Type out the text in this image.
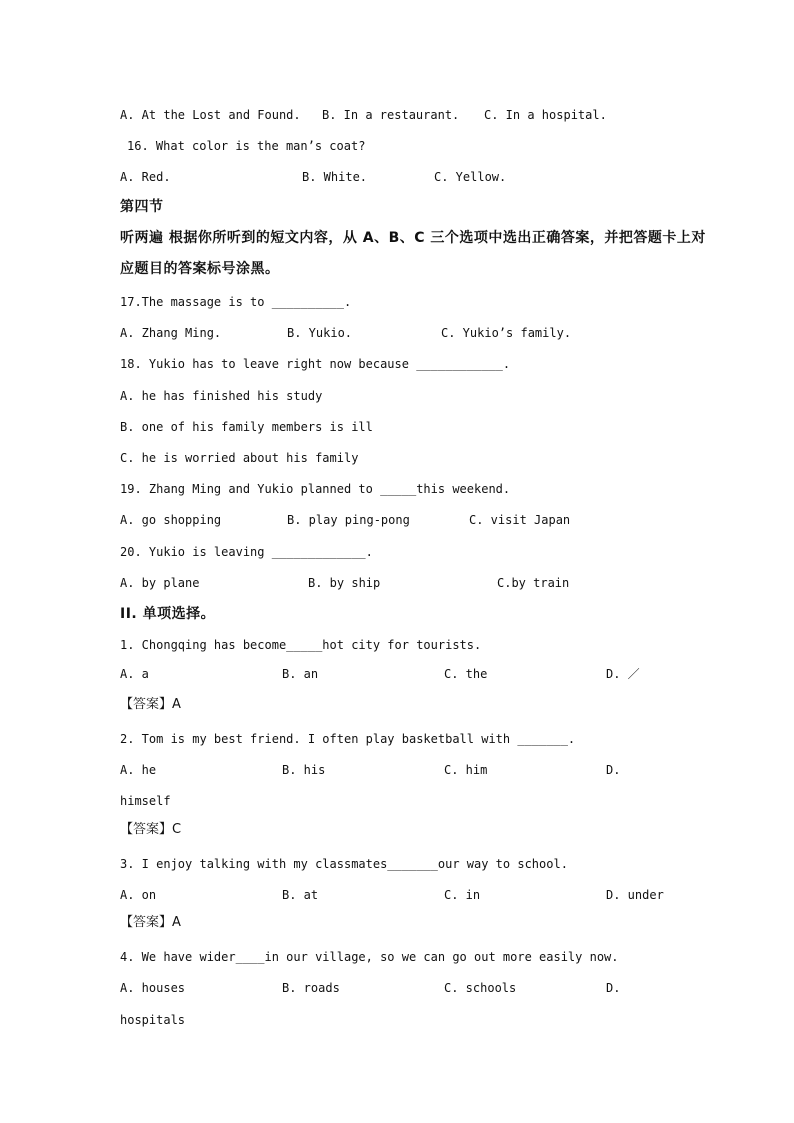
A. At the Lost and Found. B. In a restaurant. C. In a hospital.
16. What color is the man’s coat?
A. Red.	B. White.	C. Yellow.
第四节
听两遍 根据你所听到的短文内容，从 A、B、C 三个选项中选出正确答案，并把答题卡上对
应题目的答案标号涂黑。
17.The massage is to __________.
A. Zhang Ming.	B. Yukio.	C. Yukio’s family.
18. Yukio has to leave right now because ____________.
A. he has finished his study
B. one of his family members is ill
C. he is worried about his family
19. Zhang Ming and Yukio planned to _____this weekend.
A. go shopping	B. play ping-pong	C. visit Japan
20. Yukio is leaving _____________.
A. by plane	B. by ship	C.by train
II. 单项选择。
1. Chongqing has become_____hot city for tourists.
A. a	B. an	C. the	D. ／
【答案】A
2. Tom is my best friend. I often play basketball with _______.
A. he	B. his	C. him	D.
himself
【答案】C
3. I enjoy talking with my classmates_______our way to school.
A. on	B. at	C. in	D. under
【答案】A
4. We have wider____in our village, so we can go out more easily now.
A. houses	B. roads	C. schools	D.
hospitals
